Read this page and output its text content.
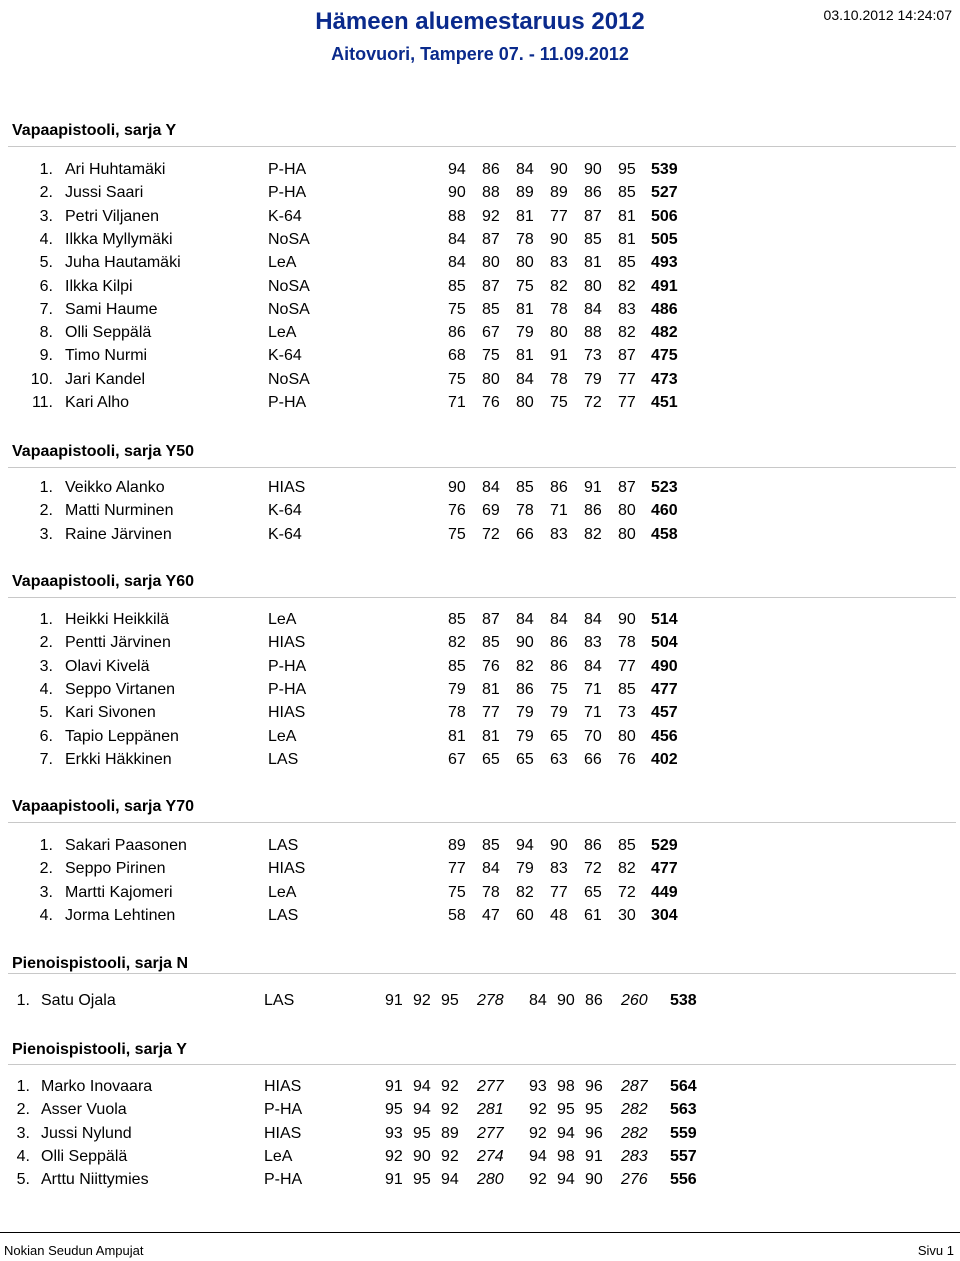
Hämeen aluemestaruus 2012
Aitovuori, Tampere 07. - 11.09.2012
03.10.2012 14:24:07
Vapaapistooli, sarja Y
1. Ari Huhtamäki	P-HA	94 86 84 90 90 95 539
2. Jussi Saari	P-HA	90 88 89 89 86 85 527
3. Petri Viljanen	K-64	88 92 81 77 87 81 506
4. Ilkka Myllymäki	NoSA	84 87 78 90 85 81 505
5. Juha Hautamäki	LeA	84 80 80 83 81 85 493
6. Ilkka Kilpi	NoSA	85 87 75 82 80 82 491
7. Sami Haume	NoSA	75 85 81 78 84 83 486
8. Olli Seppälä	LeA	86 67 79 80 88 82 482
9. Timo Nurmi	K-64	68 75 81 91 73 87 475
10. Jari Kandel	NoSA	75 80 84 78 79 77 473
11. Kari Alho	P-HA	71 76 80 75 72 77 451
Vapaapistooli, sarja Y50
1. Veikko Alanko	HIAS	90 84 85 86 91 87 523
2. Matti Nurminen	K-64	76 69 78 71 86 80 460
3. Raine Järvinen	K-64	75 72 66 83 82 80 458
Vapaapistooli, sarja Y60
1. Heikki Heikkilä	LeA	85 87 84 84 84 90 514
2. Pentti Järvinen	HIAS	82 85 90 86 83 78 504
3. Olavi Kivelä	P-HA	85 76 82 86 84 77 490
4. Seppo Virtanen	P-HA	79 81 86 75 71 85 477
5. Kari Sivonen	HIAS	78 77 79 79 71 73 457
6. Tapio Leppänen	LeA	81 81 79 65 70 80 456
7. Erkki Häkkinen	LAS	67 65 65 63 66 76 402
Vapaapistooli, sarja Y70
1. Sakari Paasonen	LAS	89 85 94 90 86 85 529
2. Seppo Pirinen	HIAS	77 84 79 83 72 82 477
3. Martti Kajomeri	LeA	75 78 82 77 65 72 449
4. Jorma Lehtinen	LAS	58 47 60 48 61 30 304
Pienoispistooli, sarja N
1. Satu Ojala	LAS	91 92 95 278 84 90 86 260 538
Pienoispistooli, sarja Y
1. Marko Inovaara	HIAS	91 94 92 277 93 98 96 287 564
2. Asser Vuola	P-HA	95 94 92 281 92 95 95 282 563
3. Jussi Nylund	HIAS	93 95 89 277 92 94 96 282 559
4. Olli Seppälä	LeA	92 90 92 274 94 98 91 283 557
5. Arttu Niittymies	P-HA	91 95 94 280 92 94 90 276 556
Nokian Seudun Ampujat	Sivu 1
